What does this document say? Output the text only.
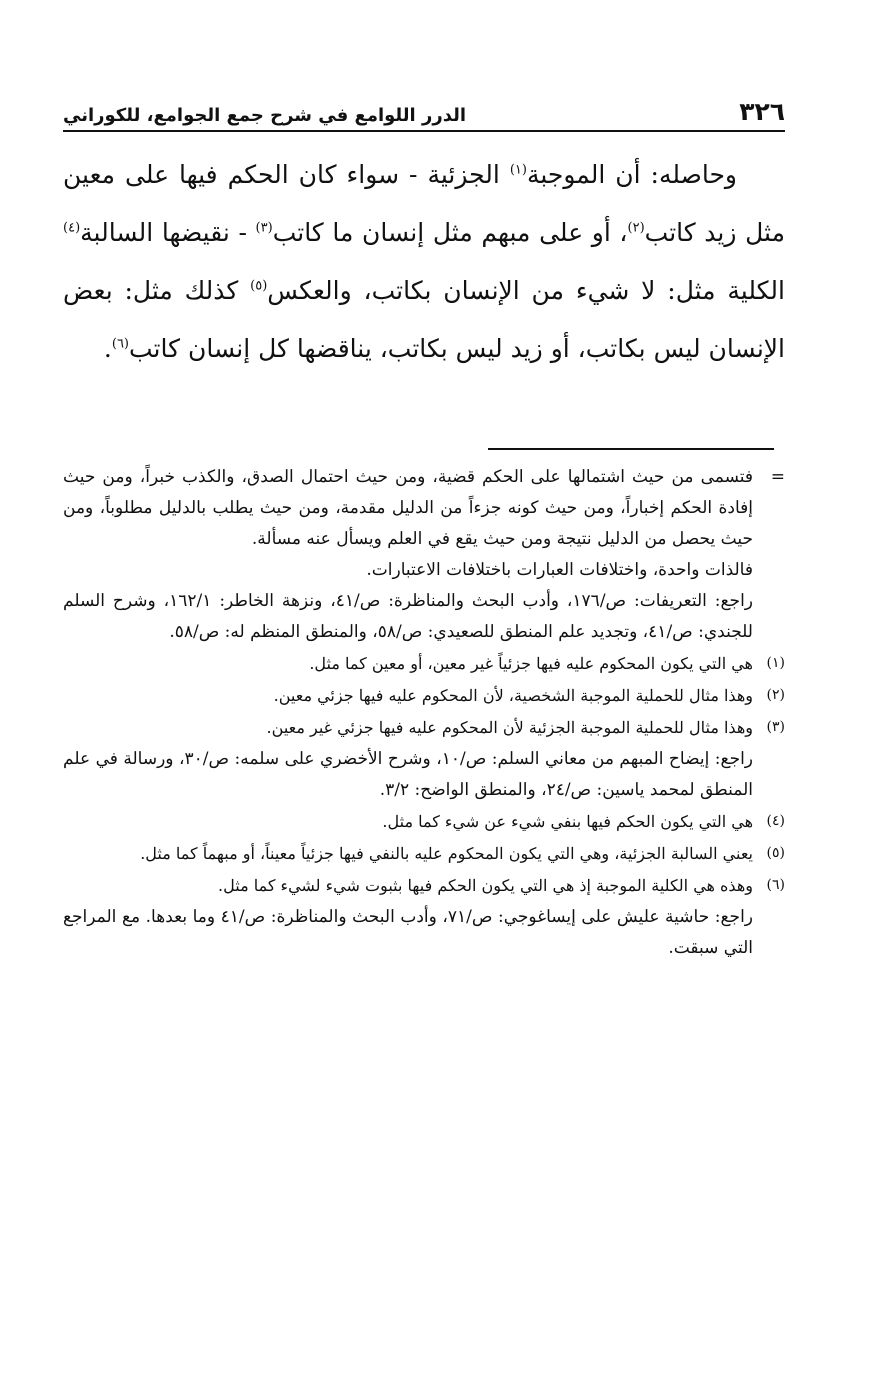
٣٢٦
الدرر اللوامع في شرح جمع الجوامع، للكوراني

وحاصله: أن الموجبة$^{(١)}$ الجزئية - سواء كان الحكم فيها على معين مثل زيد كاتب$^{(٢)}$، أو على مبهم مثل إنسان ما كاتب$^{(٣)}$ - نقيضها السالبة$^{(٤)}$ الكلية مثل: لا شيء من الإنسان بكاتب، والعكس$^{(٥)}$ كذلك مثل: بعض الإنسان ليس بكاتب، أو زيد ليس بكاتب، يناقضها كل إنسان كاتب$^{(٦)}$.

=
فتسمى من حيث اشتمالها على الحكم قضية، ومن حيث احتمال الصدق، والكذب خبراً، ومن حيث إفادة الحكم إخباراً، ومن حيث كونه جزءاً من الدليل مقدمة، ومن حيث يطلب بالدليل مطلوباً، ومن حيث يحصل من الدليل نتيجة ومن حيث يقع في العلم ويسأل عنه مسألة.

فالذات واحدة، واختلافات العبارات باختلافات الاعتبارات.

راجع: التعريفات: ص/١٧٦، وأدب البحث والمناظرة: ص/٤١، ونزهة الخاطر: ١٦٢/١، وشرح السلم للجندي: ص/٤١، وتجديد علم المنطق للصعيدي: ص/٥٨، والمنطق المنظم له: ص/٥٨.

(١)
هي التي يكون المحكوم عليه فيها جزئياً غير معين، أو معين كما مثل.

(٢)
وهذا مثال للحملية الموجبة الشخصية، لأن المحكوم عليه فيها جزئي معين.

(٣)
وهذا مثال للحملية الموجبة الجزئية لأن المحكوم عليه فيها جزئي غير معين.

راجع: إيضاح المبهم من معاني السلم: ص/١٠، وشرح الأخضري على سلمه: ص/٣٠، ورسالة في علم المنطق لمحمد ياسين: ص/٢٤، والمنطق الواضح: ٣/٢.

(٤)
هي التي يكون الحكم فيها بنفي شيء عن شيء كما مثل.

(٥)
يعني السالبة الجزئية، وهي التي يكون المحكوم عليه بالنفي فيها جزئياً معيناً، أو مبهماً كما مثل.

(٦)
وهذه هي الكلية الموجبة إذ هي التي يكون الحكم فيها بثبوت شيء لشيء كما مثل.

راجع: حاشية عليش على إيساغوجي: ص/٧١، وأدب البحث والمناظرة: ص/٤١ وما بعدها. مع المراجع التي سبقت.
